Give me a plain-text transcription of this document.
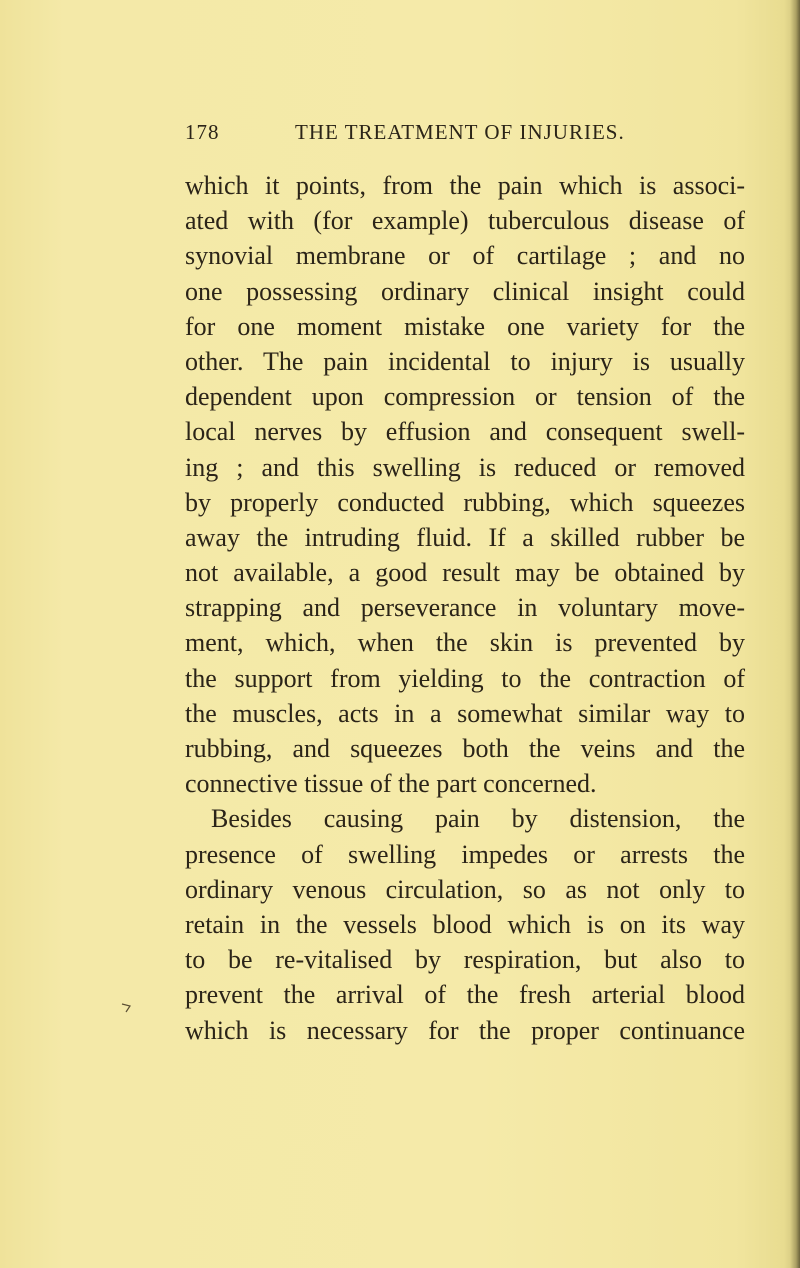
178	THE TREATMENT OF INJURIES.
which it points, from the pain which is associ-
ated with (for example) tuberculous disease of
synovial membrane or of cartilage ; and no
one possessing ordinary clinical insight could
for one moment mistake one variety for the
other. The pain incidental to injury is usually
dependent upon compression or tension of the
local nerves by effusion and consequent swell-
ing ; and this swelling is reduced or removed
by properly conducted rubbing, which squeezes
away the intruding fluid. If a skilled rubber be
not available, a good result may be obtained by
strapping and perseverance in voluntary move-
ment, which, when the skin is prevented by
the support from yielding to the contraction of
the muscles, acts in a somewhat similar way to
rubbing, and squeezes both the veins and the
connective tissue of the part concerned.
Besides causing pain by distension, the
presence of swelling impedes or arrests the
ordinary venous circulation, so as not only to
retain in the vessels blood which is on its way
to be re-vitalised by respiration, but also to
prevent the arrival of the fresh arterial blood
which is necessary for the proper continuance
